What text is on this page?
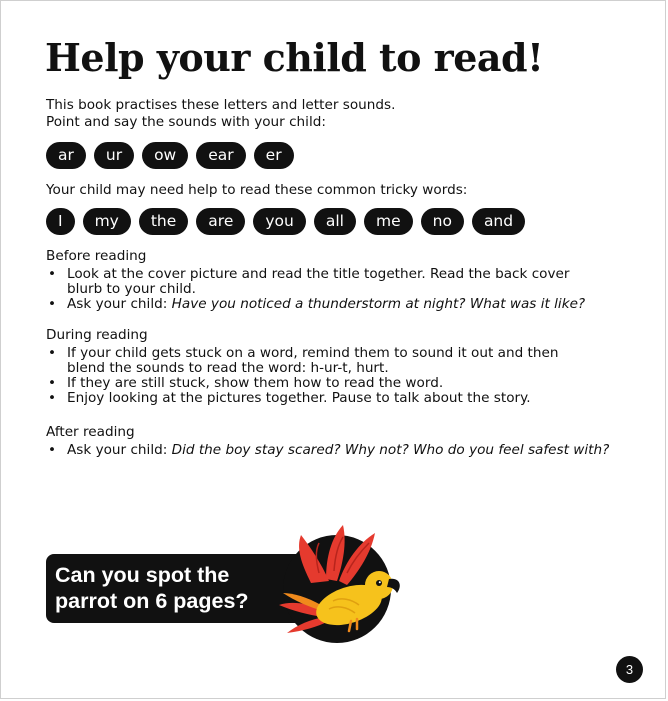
Help your child to read!

This book practises these letters and letter sounds.

Point and say the sounds with your child:

ar	ur	ow	ear	er

Your child may need help to read these common tricky words:

I	my	the	are	you	all	me	no	and

Before reading

• Look at the cover picture and read the title together. Read the back cover
blurb to your child.
• Ask your child: Have you noticed a thunderstorm at night? What was it like?

During reading

• If your child gets stuck on a word, remind them to sound it out and then
blend the sounds to read the word: h-ur-t, hurt.
• If they are still stuck, show them how to read the word.
• Enjoy looking at the pictures together. Pause to talk about the story.

After reading

• Ask your child: Did the boy stay scared? Why not? Who do you feel safest with?
Can you spot the
parrot on 6 pages?
3
